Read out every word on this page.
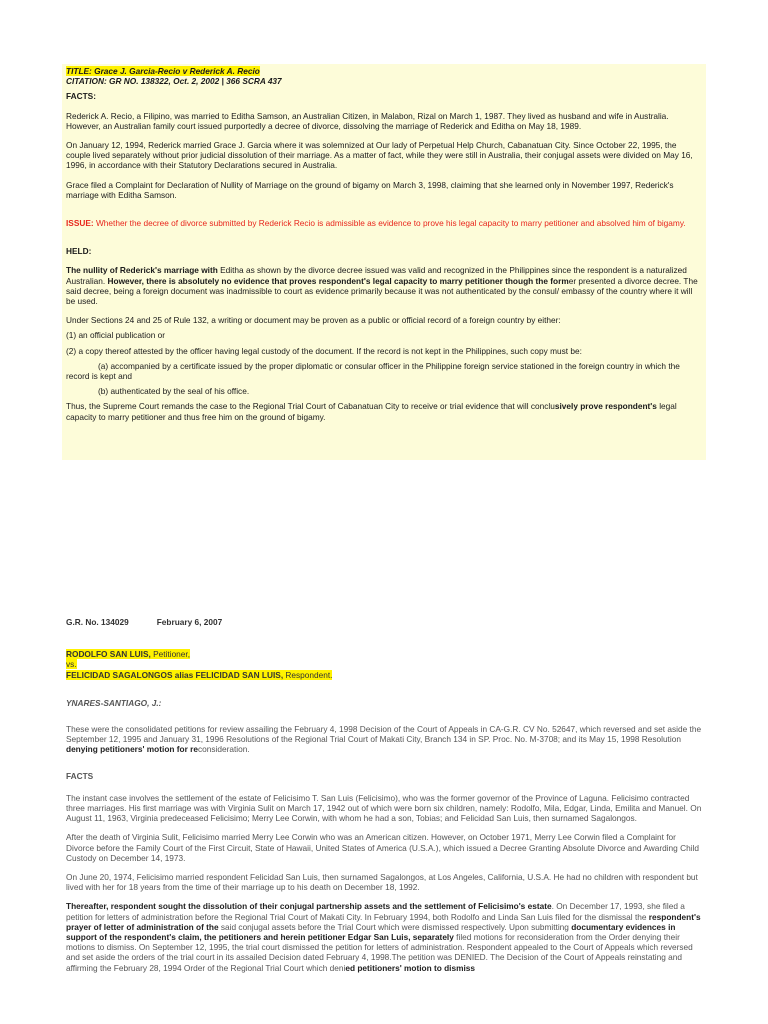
TITLE: Grace J. Garcia-Recio v Rederick A. Recio

CITATION: GR NO. 138322, Oct. 2, 2002 | 366 SCRA 437

FACTS:

Rederick A. Recio, a Filipino, was married to Editha Samson, an Australian Citizen, in Malabon, Rizal on March 1, 1987. They lived as husband and wife in Australia. However, an Australian family court issued purportedly a decree of divorce, dissolving the marriage of Rederick and Editha on May 18, 1989.

On January 12, 1994, Rederick married Grace J. Garcia where it was solemnized at Our lady of Perpetual Help Church, Cabanatuan City. Since October 22, 1995, the couple lived separately without prior judicial dissolution of their marriage. As a matter of fact, while they were still in Australia, their conjugal assets were divided on May 16, 1996, in accordance with their Statutory Declarations secured in Australia.

Grace filed a Complaint for Declaration of Nullity of Marriage on the ground of bigamy on March 3, 1998, claiming that she learned only in November 1997, Rederick's marriage with Editha Samson.

ISSUE: Whether the decree of divorce submitted by Rederick Recio is admissible as evidence to prove his legal capacity to marry petitioner and absolved him of bigamy.

HELD:

The nullity of Rederick's marriage with Editha as shown by the divorce decree issued was valid and recognized in the Philippines since the respondent is a naturalized Australian. However, there is absolutely no evidence that proves respondent's legal capacity to marry petitioner though the former presented a divorce decree. The said decree, being a foreign document was inadmissible to court as evidence primarily because it was not authenticated by the consul/ embassy of the country where it will be used.

Under Sections 24 and 25 of Rule 132, a writing or document may be proven as a public or official record of a foreign country by either:

(1) an official publication or

(2) a copy thereof attested by the officer having legal custody of the document. If the record is not kept in the Philippines, such copy must be:

(a) accompanied by a certificate issued by the proper diplomatic or consular officer in the Philippine foreign service stationed in the foreign country in which the record is kept and

(b) authenticated by the seal of his office.

Thus, the Supreme Court remands the case to the Regional Trial Court of Cabanatuan City to receive or trial evidence that will conclusively prove respondent's legal capacity to marry petitioner and thus free him on the ground of bigamy.

G.R. No. 134029	February 6, 2007

RODOLFO SAN LUIS, Petitioner,

vs.

FELICIDAD SAGALONGOS alias FELICIDAD SAN LUIS, Respondent.

YNARES-SANTIAGO, J.:

These were the consolidated petitions for review assailing the February 4, 1998 Decision of the Court of Appeals in CA-G.R. CV No. 52647, which reversed and set aside the September 12, 1995 and January 31, 1996 Resolutions of the Regional Trial Court of Makati City, Branch 134 in SP. Proc. No. M-3708; and its May 15, 1998 Resolution denying petitioners' motion for reconsideration.

FACTS

The instant case involves the settlement of the estate of Felicisimo T. San Luis (Felicisimo), who was the former governor of the Province of Laguna. Felicisimo contracted three marriages. His first marriage was with Virginia Sulit on March 17, 1942 out of which were born six children, namely: Rodolfo, Mila, Edgar, Linda, Emilita and Manuel. On August 11, 1963, Virginia predeceased Felicisimo; Merry Lee Corwin, with whom he had a son, Tobias; and Felicidad San Luis, then surnamed Sagalongos.

After the death of Virginia Sulit, Felicisimo married Merry Lee Corwin who was an American citizen. However, on October 1971, Merry Lee Corwin filed a Complaint for Divorce before the Family Court of the First Circuit, State of Hawaii, United States of America (U.S.A.), which issued a Decree Granting Absolute Divorce and Awarding Child Custody on December 14, 1973.

On June 20, 1974, Felicisimo married respondent Felicidad San Luis, then surnamed Sagalongos, at Los Angeles, California, U.S.A. He had no children with respondent but lived with her for 18 years from the time of their marriage up to his death on December 18, 1992.

Thereafter, respondent sought the dissolution of their conjugal partnership assets and the settlement of Felicisimo's estate. On December 17, 1993, she filed a petition for letters of administration before the Regional Trial Court of Makati City. In February 1994, both Rodolfo and Linda San Luis filed for the dismissal the respondent's prayer of letter of administration of the said conjugal assets before the Trial Court which were dismissed respectively. Upon submitting documentary evidences in support of the respondent's claim, the petitioners and herein petitioner Edgar San Luis, separately filed motions for reconsideration from the Order denying their motions to dismiss. On September 12, 1995, the trial court dismissed the petition for letters of administration. Respondent appealed to the Court of Appeals which reversed and set aside the orders of the trial court in its assailed Decision dated February 4, 1998.The petition was DENIED. The Decision of the Court of Appeals reinstating and affirming the February 28, 1994 Order of the Regional Trial Court which denied petitioners' motion to dismiss
